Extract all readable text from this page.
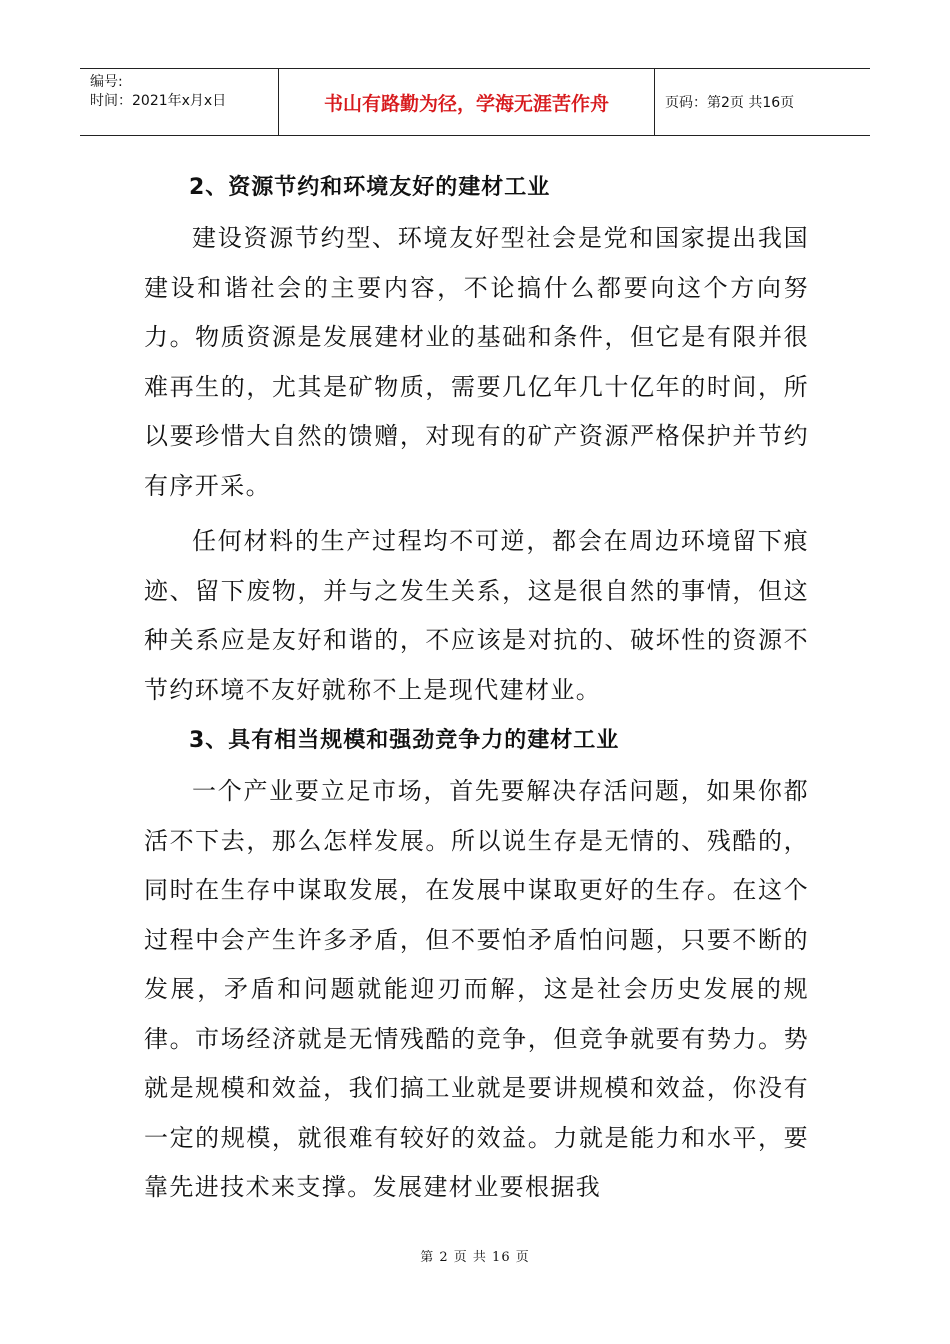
编号:
时间：2021年x月x日	书山有路勤为径，学海无涯苦作舟	页码：第2页 共16页
2、资源节约和环境友好的建材工业
建设资源节约型、环境友好型社会是党和国家提出我国建设和谐社会的主要内容，不论搞什么都要向这个方向努力。物质资源是发展建材业的基础和条件，但它是有限并很难再生的，尤其是矿物质，需要几亿年几十亿年的时间，所以要珍惜大自然的馈赠，对现有的矿产资源严格保护并节约有序开采。
任何材料的生产过程均不可逆，都会在周边环境留下痕迹、留下废物，并与之发生关系，这是很自然的事情，但这种关系应是友好和谐的，不应该是对抗的、破坏性的资源不节约环境不友好就称不上是现代建材业。
3、具有相当规模和强劲竞争力的建材工业
一个产业要立足市场，首先要解决存活问题，如果你都活不下去，那么怎样发展。所以说生存是无情的、残酷的，同时在生存中谋取发展，在发展中谋取更好的生存。在这个过程中会产生许多矛盾，但不要怕矛盾怕问题，只要不断的发展，矛盾和问题就能迎刃而解，这是社会历史发展的规律。市场经济就是无情残酷的竞争，但竞争就要有势力。势就是规模和效益，我们搞工业就是要讲规模和效益，你没有一定的规模，就很难有较好的效益。力就是能力和水平，要靠先进技术来支撑。发展建材业要根据我
第 2 页 共 16 页
